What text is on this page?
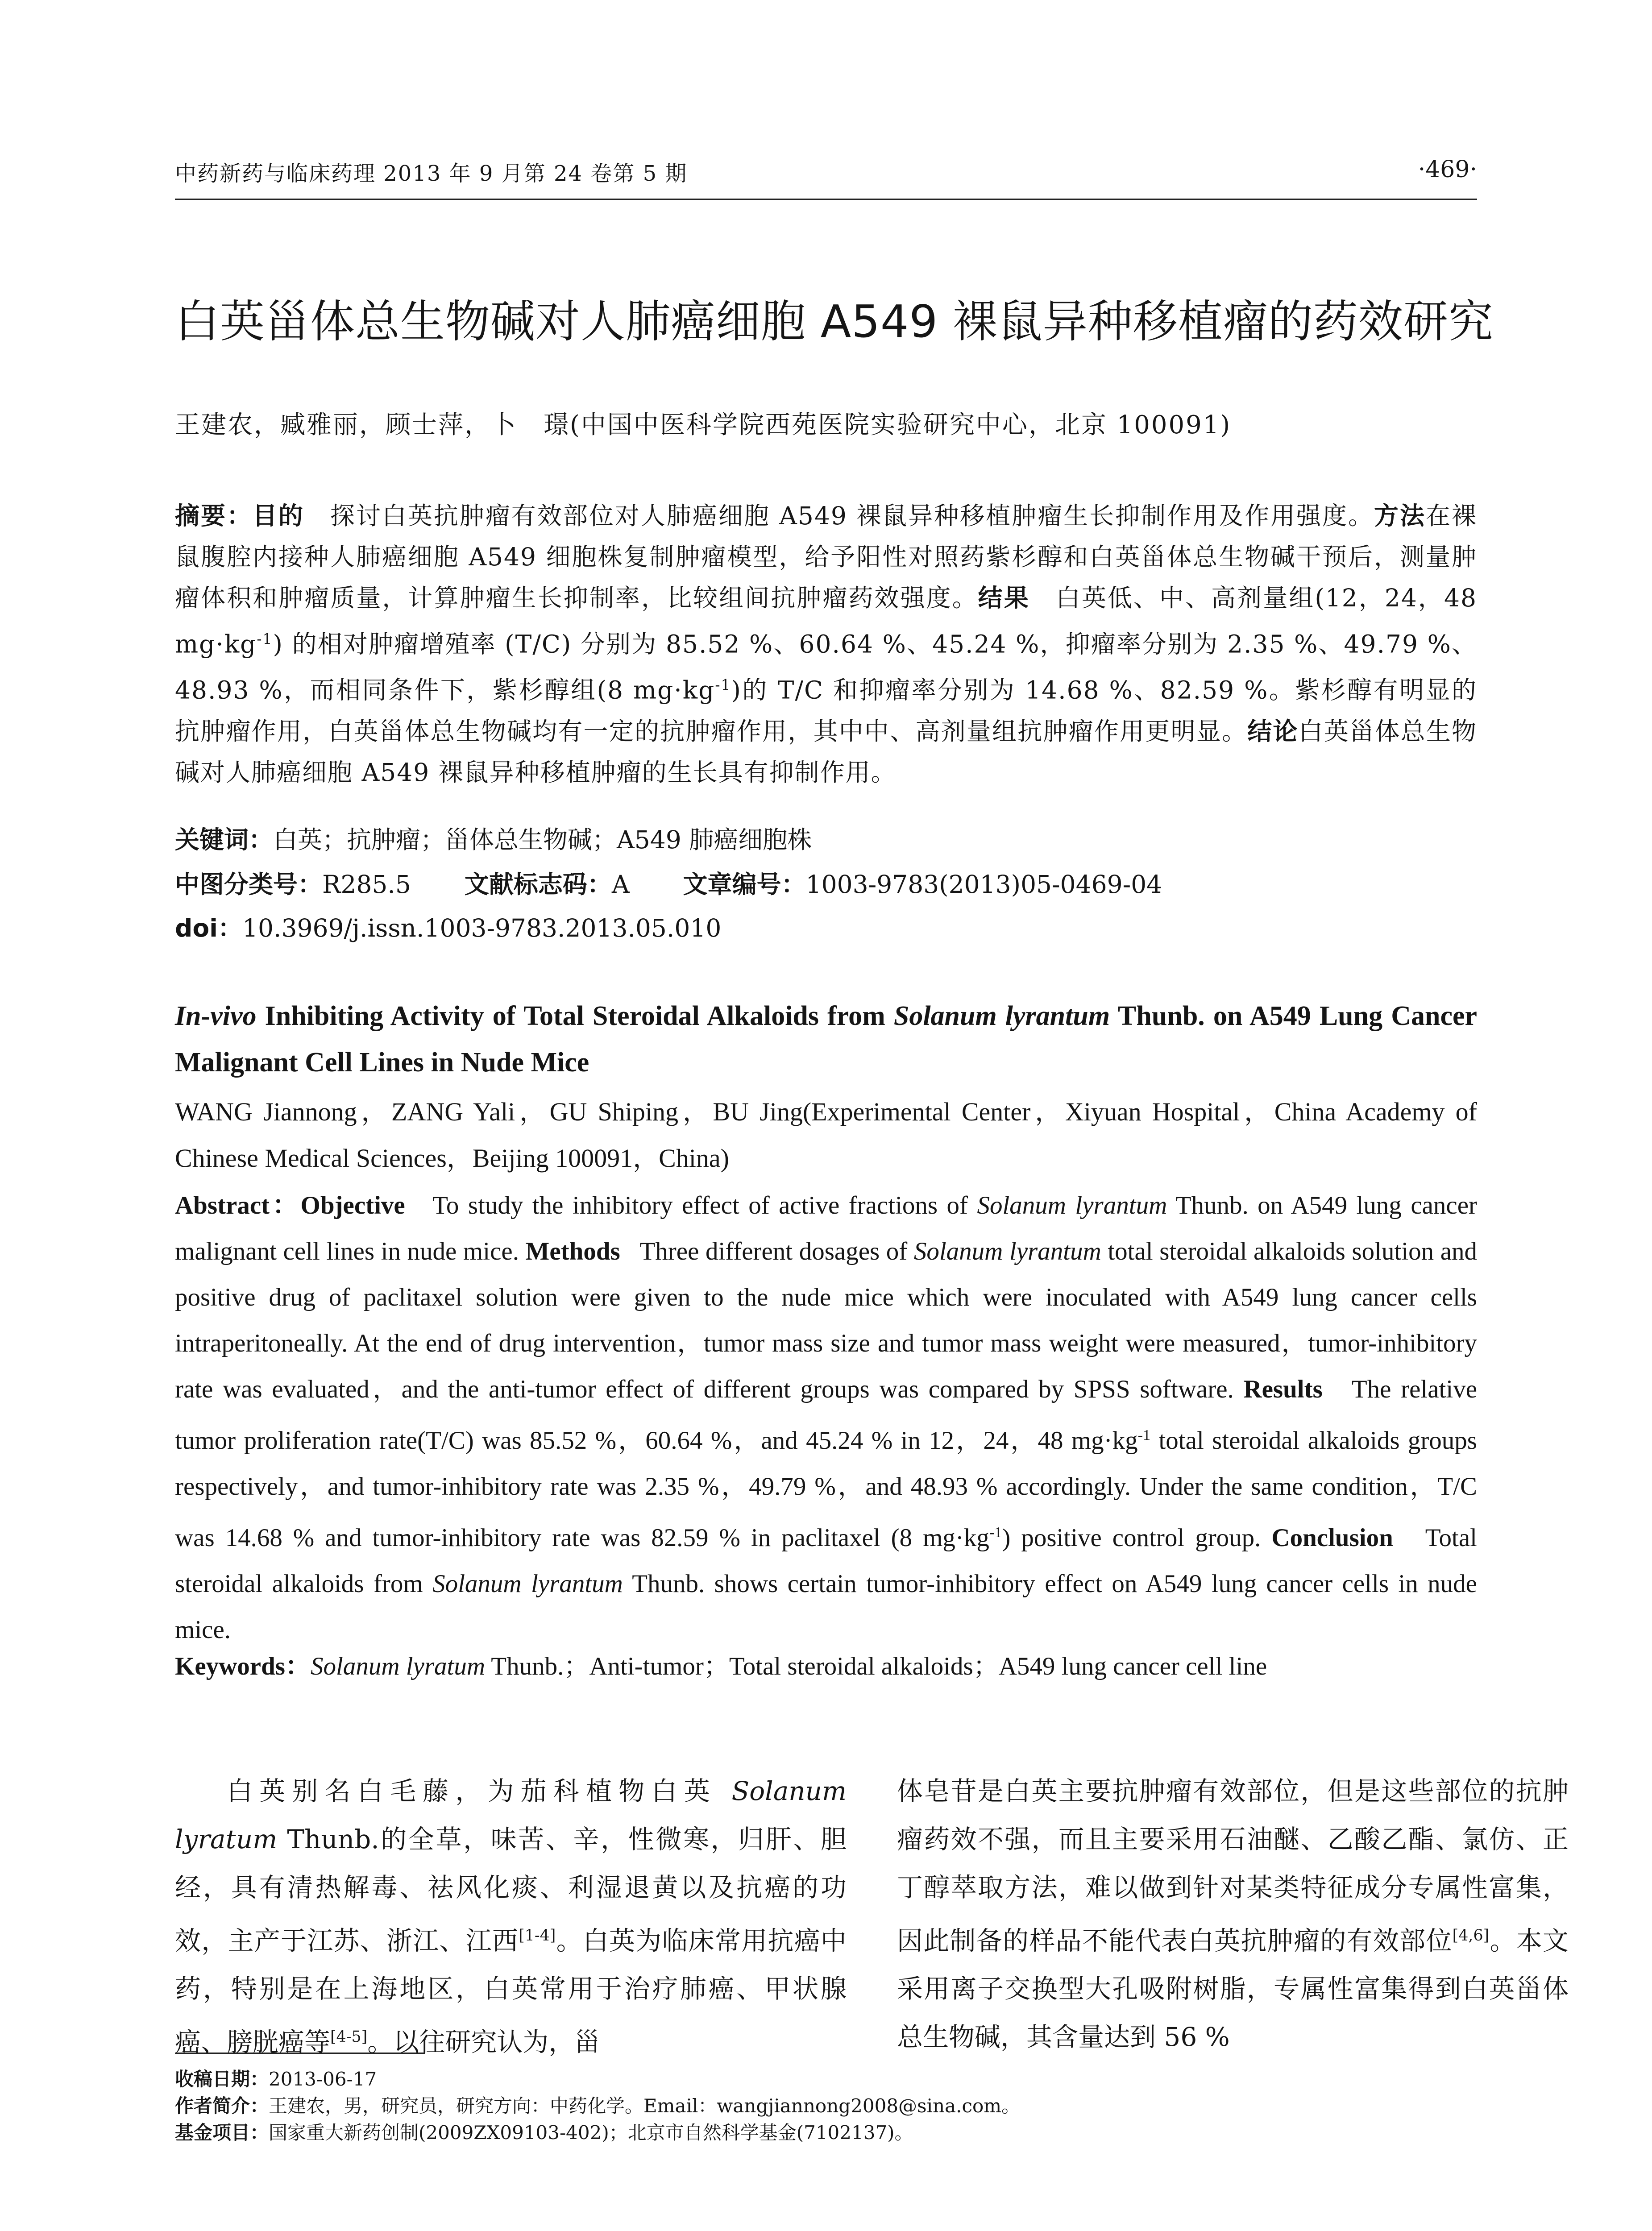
中药新药与临床药理 2013 年 9 月第 24 卷第 5 期	·469·
白英甾体总生物碱对人肺癌细胞 A549 裸鼠异种移植瘤的药效研究
王建农，臧雅丽，顾士萍，卜　璟(中国中医科学院西苑医院实验研究中心，北京 100091)
摘要：目的　 探讨白英抗肿瘤有效部位对人肺癌细胞 A549 裸鼠异种移植肿瘤生长抑制作用及作用强度。方法在裸鼠腹腔内接种人肺癌细胞 A549 细胞株复制肿瘤模型，给予阳性对照药紫杉醇和白英甾体总生物碱干预后，测量肿瘤体积和肿瘤质量，计算肿瘤生长抑制率，比较组间抗肿瘤药效强度。结果　 白英低、中、高剂量组(12，24，48 $mg\cdot kg^{-1}$) 的相对肿瘤增殖率 (T/C) 分别为 85.52 %、60.64 %、45.24 %，抑瘤率分别为 2.35 %、49.79 %、48.93 %，而相同条件下，紫杉醇组(8 $mg\cdot kg^{-1}$)的 T/C 和抑瘤率分别为 14.68 %、82.59 %。紫杉醇有明显的抗肿瘤作用，白英甾体总生物碱均有一定的抗肿瘤作用，其中中、高剂量组抗肿瘤作用更明显。结论白英甾体总生物碱对人肺癌细胞 A549 裸鼠异种移植肿瘤的生长具有抑制作用。
关键词：白英；抗肿瘤；甾体总生物碱；A549 肺癌细胞株
中图分类号：R285.5 文献标志码：A 文章编号：1003-9783(2013)05-0469-04
doi：10.3969/j.issn.1003-9783.2013.05.010
In-vivo Inhibiting Activity of Total Steroidal Alkaloids from Solanum lyrantum Thunb. on A549 Lung Cancer Malignant Cell Lines in Nude Mice
WANG Jiannong，ZANG Yali，GU Shiping，BU Jing(Experimental Center，Xiyuan Hospital，China Academy of Chinese Medical Sciences，Beijing 100091，China)
Abstract：Objective To study the inhibitory effect of active fractions of Solanum lyrantum Thunb. on A549 lung cancer malignant cell lines in nude mice. Methods Three different dosages of Solanum lyrantum total steroidal alkaloids solution and positive drug of paclitaxel solution were given to the nude mice which were inoculated with A549 lung cancer cells intraperitoneally. At the end of drug intervention，tumor mass size and tumor mass weight were measured，tumor-inhibitory rate was evaluated，and the anti-tumor effect of different groups was compared by SPSS software. Results The relative tumor proliferation rate(T/C) was 85.52 %，60.64 %，and 45.24 % in 12，24，48 $mg\cdot kg^{-1}$ total steroidal alkaloids groups respectively，and tumor-inhibitory rate was 2.35 %，49.79 %，and 48.93 % accordingly. Under the same condition，T/C was 14.68 % and tumor-inhibitory rate was 82.59 % in paclitaxel (8 $mg\cdot kg^{-1}$) positive control group. Conclusion Total steroidal alkaloids from Solanum lyrantum Thunb. shows certain tumor-inhibitory effect on A549 lung cancer cells in nude mice.
Keywords：Solanum lyratum Thunb.；Anti-tumor；Total steroidal alkaloids；A549 lung cancer cell line
白英别名白毛藤，为茄科植物白英 Solanum lyratum Thunb.的全草，味苦、辛，性微寒，归肝、胆经，具有清热解毒、祛风化痰、利湿退黄以及抗癌的功效，主产于江苏、浙江、江西[1-4]。白英为临床常用抗癌中药，特别是在上海地区，白英常用于治疗肺癌、甲状腺癌、膀胱癌等[4-5]。以往研究认为，甾
体皂苷是白英主要抗肿瘤有效部位，但是这些部位的抗肿瘤药效不强，而且主要采用石油醚、乙酸乙酯、氯仿、正丁醇萃取方法，难以做到针对某类特征成分专属性富集，因此制备的样品不能代表白英抗肿瘤的有效部位[4,6]。本文采用离子交换型大孔吸附树脂，专属性富集得到白英甾体总生物碱，其含量达到 56 %

收稿日期：2013-06-17

作者简介：王建农，男，研究员，研究方向：中药化学。Email：wangjiannong2008@sina.com。

基金项目：国家重大新药创制(2009ZX09103-402)；北京市自然科学基金(7102137)。
